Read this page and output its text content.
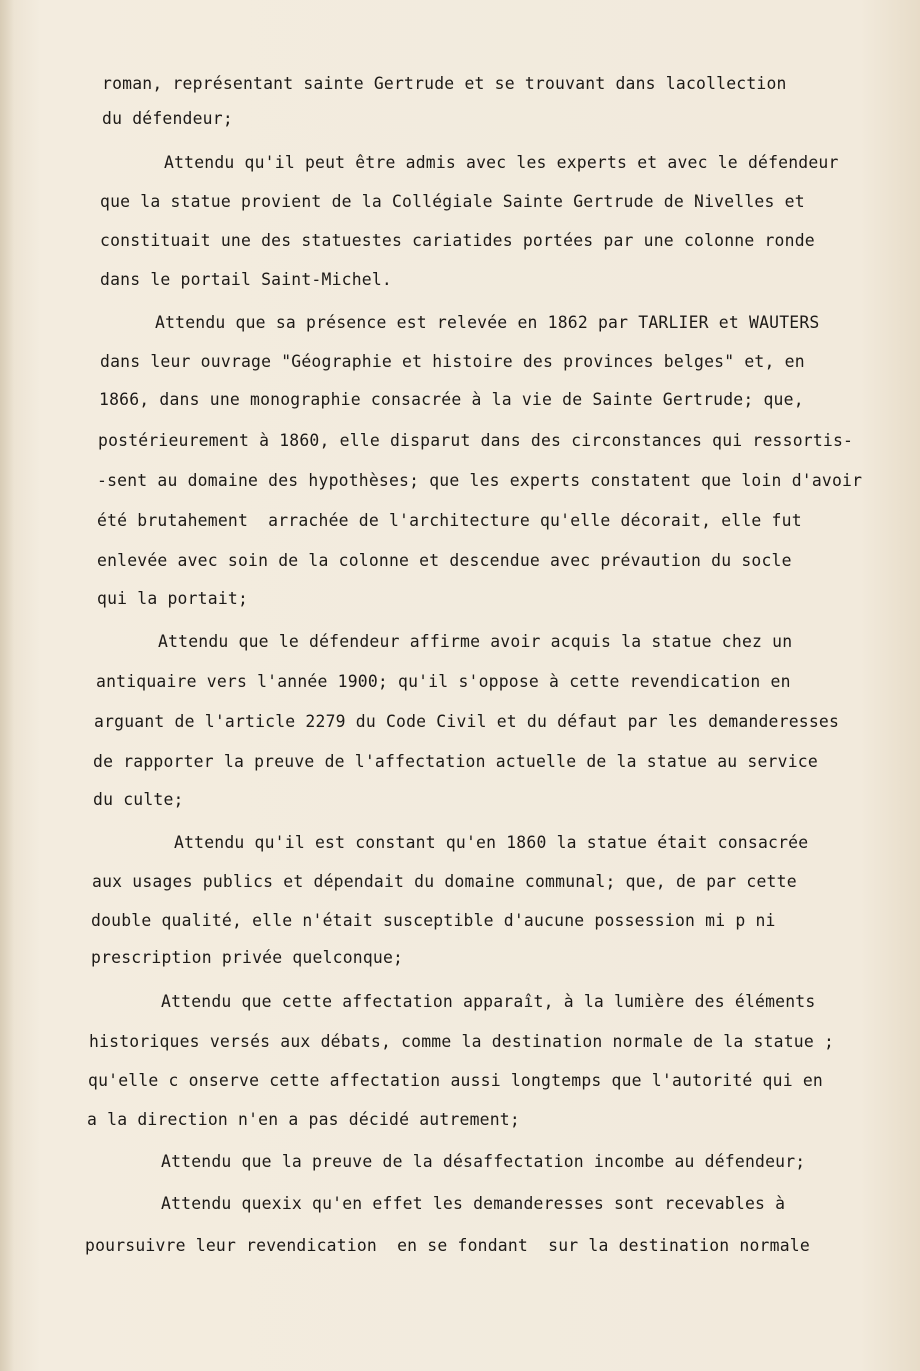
roman, représentant sainte Gertrude et se trouvant dans lacollection
du défendeur;
Attendu qu'il peut être admis avec les experts et avec le défendeur
que la statue provient de la Collégiale Sainte Gertrude de Nivelles et
constituait une des statuestes cariatides portées par une colonne ronde
dans le portail Saint-Michel.
Attendu que sa présence est relevée en 1862 par TARLIER et WAUTERS
dans leur ouvrage "Géographie et histoire des provinces belges" et, en
1866, dans une monographie consacrée à la vie de Sainte Gertrude; que,
postérieurement à 1860, elle disparut dans des circonstances qui ressortis-
-sent au domaine des hypothèses; que les experts constatent que loin d'avoir
été brutahement  arrachée de l'architecture qu'elle décorait, elle fut
enlevée avec soin de la colonne et descendue avec prévaution du socle
qui la portait;
Attendu que le défendeur affirme avoir acquis la statue chez un
antiquaire vers l'année 1900; qu'il s'oppose à cette revendication en
arguant de l'article 2279 du Code Civil et du défaut par les demanderesses
de rapporter la preuve de l'affectation actuelle de la statue au service
du culte;
Attendu qu'il est constant qu'en 1860 la statue était consacrée
aux usages publics et dépendait du domaine communal; que, de par cette
double qualité, elle n'était susceptible d'aucune possession mi p ni
prescription privée quelconque;
Attendu que cette affectation apparaît, à la lumière des éléments
historiques versés aux débats, comme la destination normale de la statue ;
qu'elle c onserve cette affectation aussi longtemps que l'autorité qui en
a la direction n'en a pas décidé autrement;
Attendu que la preuve de la désaffectation incombe au défendeur;
Attendu quexix qu'en effet les demanderesses sont recevables à
poursuivre leur revendication  en se fondant  sur la destination normale
